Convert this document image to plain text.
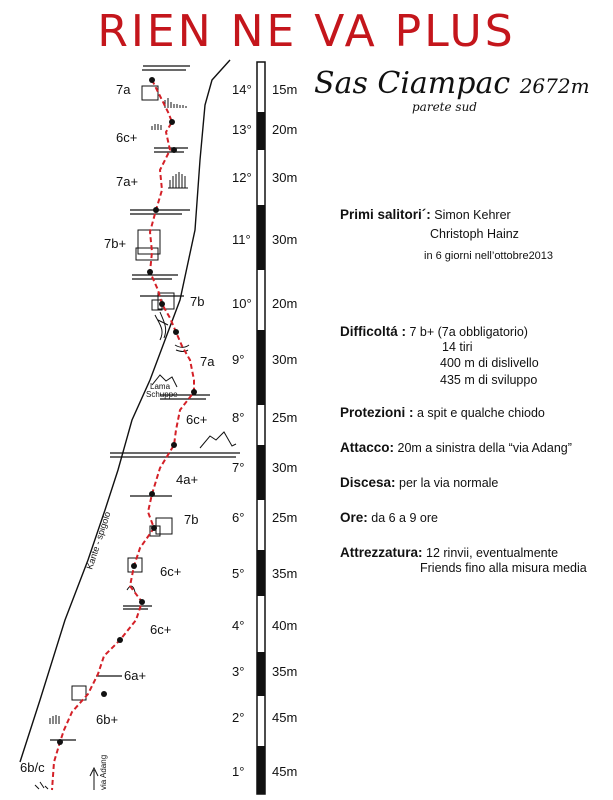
RIEN NE VA PLUS
Kante - spigolo
via Adang
Sas Ciampac 2672m
parete sud
Primi salitori´: Simon Kehrer
Christoph Hainz
in 6 giorni nell’ottobre2013
Difficoltá : 7 b+ (7a obbligatorio)
14 tiri
400 m di dislivello
435 m di sviluppo
Protezioni : a spit e qualche chiodo
Attacco: 20m a sinistra della “via Adang”
Discesa: per la via normale
Ore: da 6 a 9 ore
Attrezzatura: 12 rinvii, eventualmente
Friends fino alla misura media
Lama
Schuppe
14° 15m
7a
13° 20m
6c+
12° 30m
7a+
11° 30m
7b+
10° 20m
7b
9° 30m
7a
8° 25m
6c+
7° 30m
4a+
6° 25m
7b
5° 35m
6c+
4° 40m
6c+
3° 35m
6a+
2° 45m
6b+
1° 45m
6b/c
